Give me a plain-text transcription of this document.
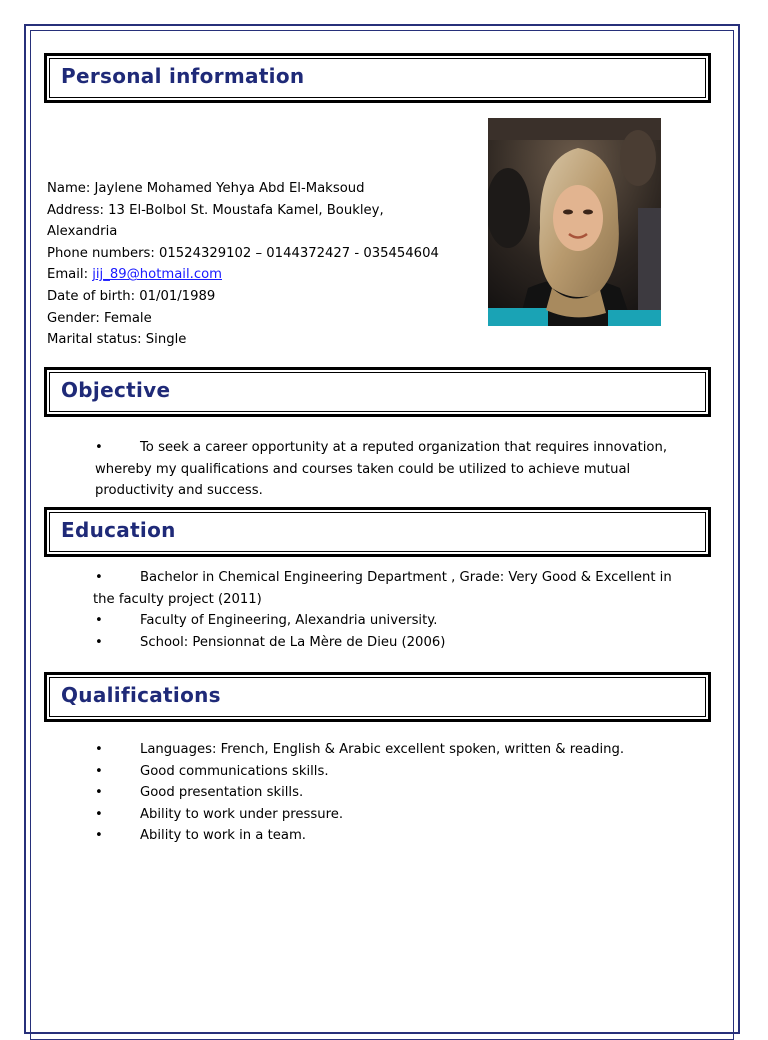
Personal information
Name: Jaylene Mohamed Yehya Abd El-Maksoud
Address: 13 El-Bolbol St. Moustafa Kamel, Boukley,
Alexandria
Phone numbers: 01524329102 – 0144372427 - 035454604
Email: jij_89@hotmail.com
Date of birth: 01/01/1989
Gender: Female
Marital status: Single
Objective
•	To seek a career opportunity at a reputed organization that requires innovation,
whereby my qualifications and courses taken could be utilized to achieve mutual
productivity and success.
Education
•	Bachelor in Chemical Engineering Department , Grade: Very Good & Excellent in
the faculty project (2011)
•	Faculty of Engineering, Alexandria university.
•	School: Pensionnat de La Mère de Dieu (2006)
Qualifications
•	Languages: French, English & Arabic excellent spoken, written & reading.
•	Good communications skills.
•	Good presentation skills.
•	Ability to work under pressure.
•	Ability to work in a team.
